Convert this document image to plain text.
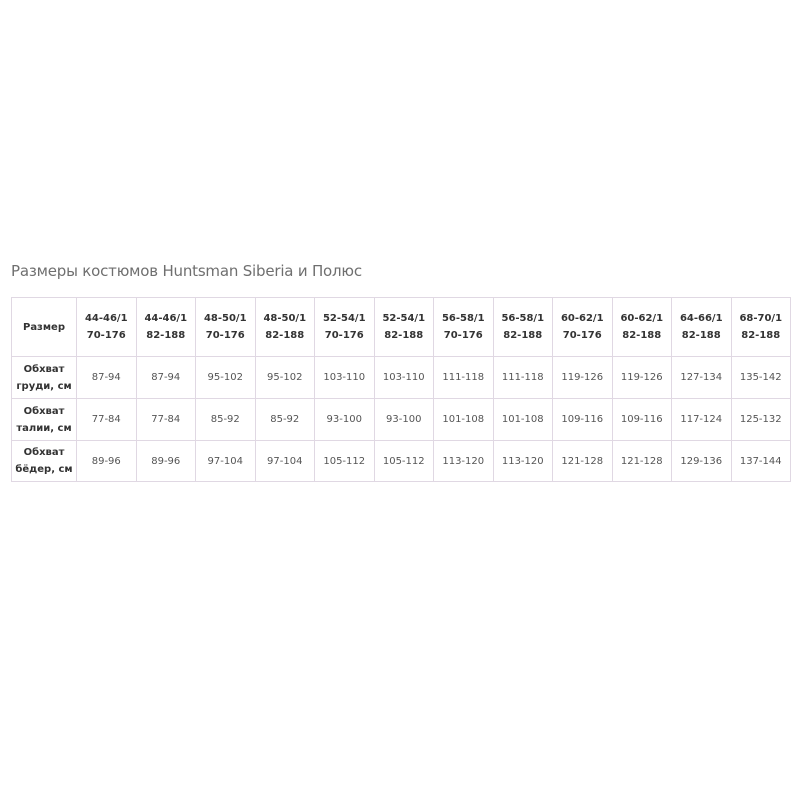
Размеры костюмов Huntsman Siberia и Полюс
Размер	44-46/170-176	44-46/182-188	48-50/170-176	48-50/182-188	52-54/170-176	52-54/182-188	56-58/170-176	56-58/182-188	60-62/170-176	60-62/182-188	64-66/182-188	68-70/182-188
Обхват груди, см	87-94	87-94	95-102	95-102	103-110	103-110	111-118	111-118	119-126	119-126	127-134	135-142
Обхват талии, см	77-84	77-84	85-92	85-92	93-100	93-100	101-108	101-108	109-116	109-116	117-124	125-132
Обхват бёдер, см	89-96	89-96	97-104	97-104	105-112	105-112	113-120	113-120	121-128	121-128	129-136	137-144
